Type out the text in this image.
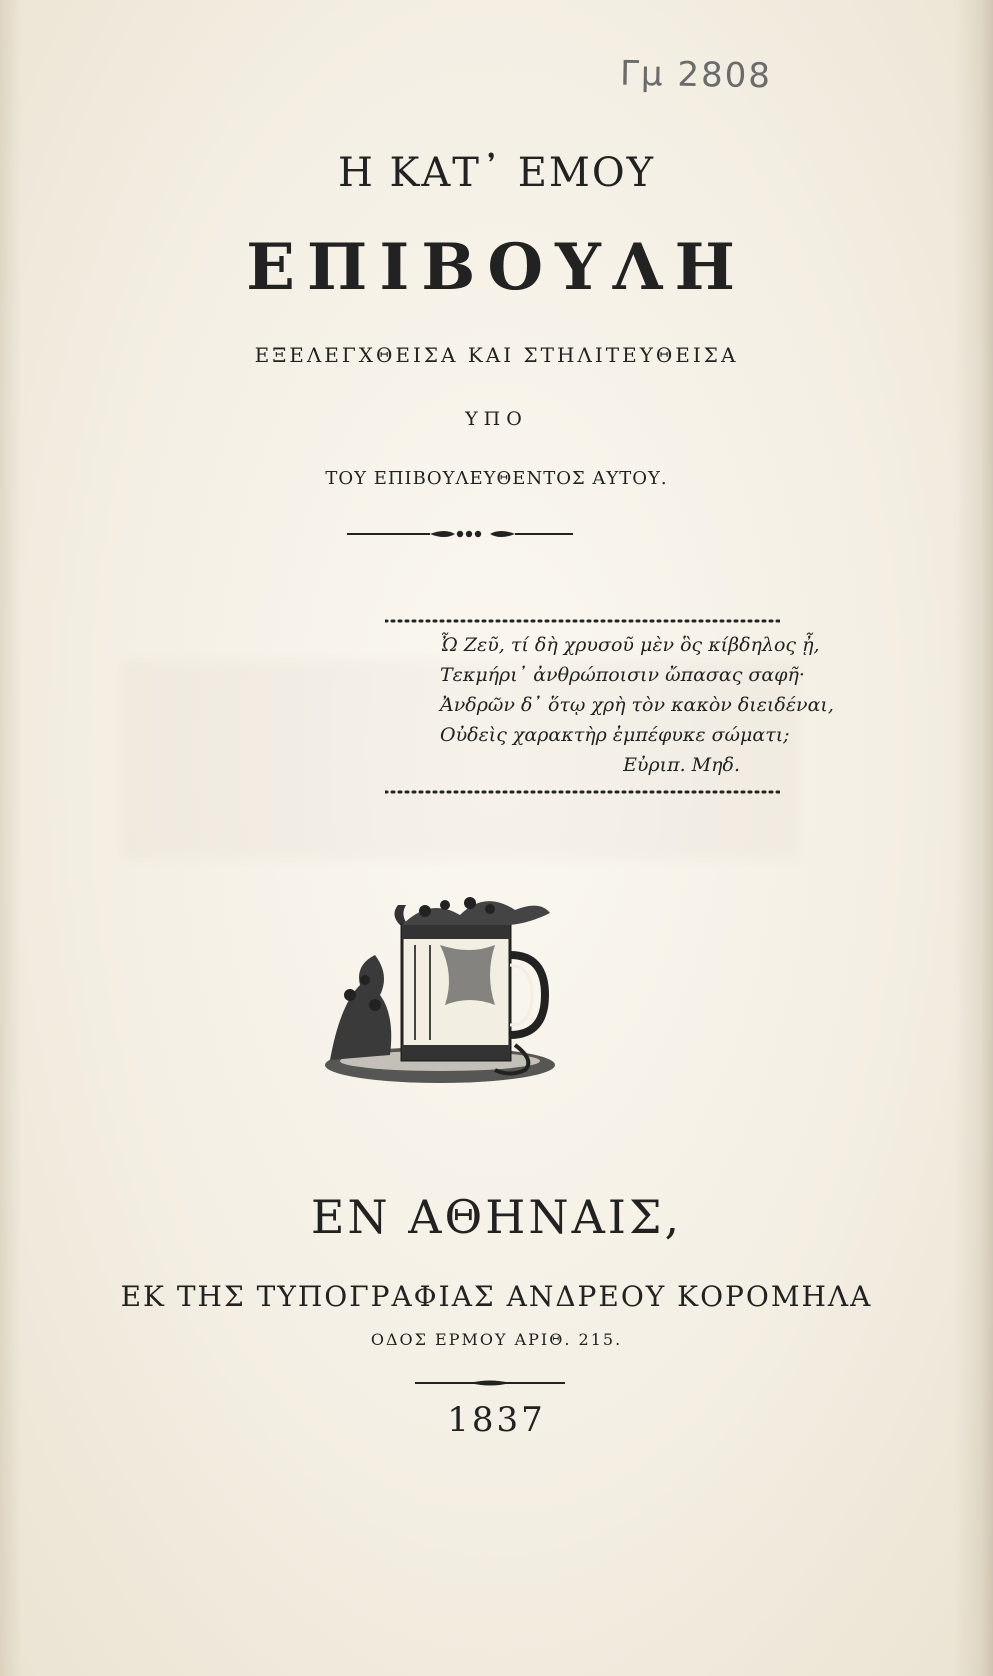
Γμ 2808
Η ΚΑΤ᾿ ΕΜΟΥ
ΕΠΙΒΟΥΛΗ
ΕΞΕΛΕΓΧΘΕΙΣΑ ΚΑΙ ΣΤΗΛΙΤΕΥΘΕΙΣΑ
ΥΠΟ
ΤΟΥ ΕΠΙΒΟΥΛΕΥΘΕΝΤΟΣ ΑΥΤΟΥ.
Ὦ Ζεῦ, τί δὴ χρυσοῦ μὲν ὃς κίβδηλος ᾖ,
Τεκμήρι᾿ ἀνθρώποισιν ὤπασας σαφῆ·
Ἀνδρῶν δ᾿ ὅτῳ χρὴ τὸν κακὸν διειδέναι,
Οὐδεὶς χαρακτὴρ ἐμπέφυκε σώματι;
Εὐριπ. Μηδ.
ΕΝ ΑΘΗΝΑΙΣ,
ΕΚ ΤΗΣ ΤΥΠΟΓΡΑΦΙΑΣ ΑΝΔΡΕΟΥ ΚΟΡΟΜΗΛΑ
ΟΔΟΣ ΕΡΜΟΥ ΑΡΙΘ. 215.
1837
